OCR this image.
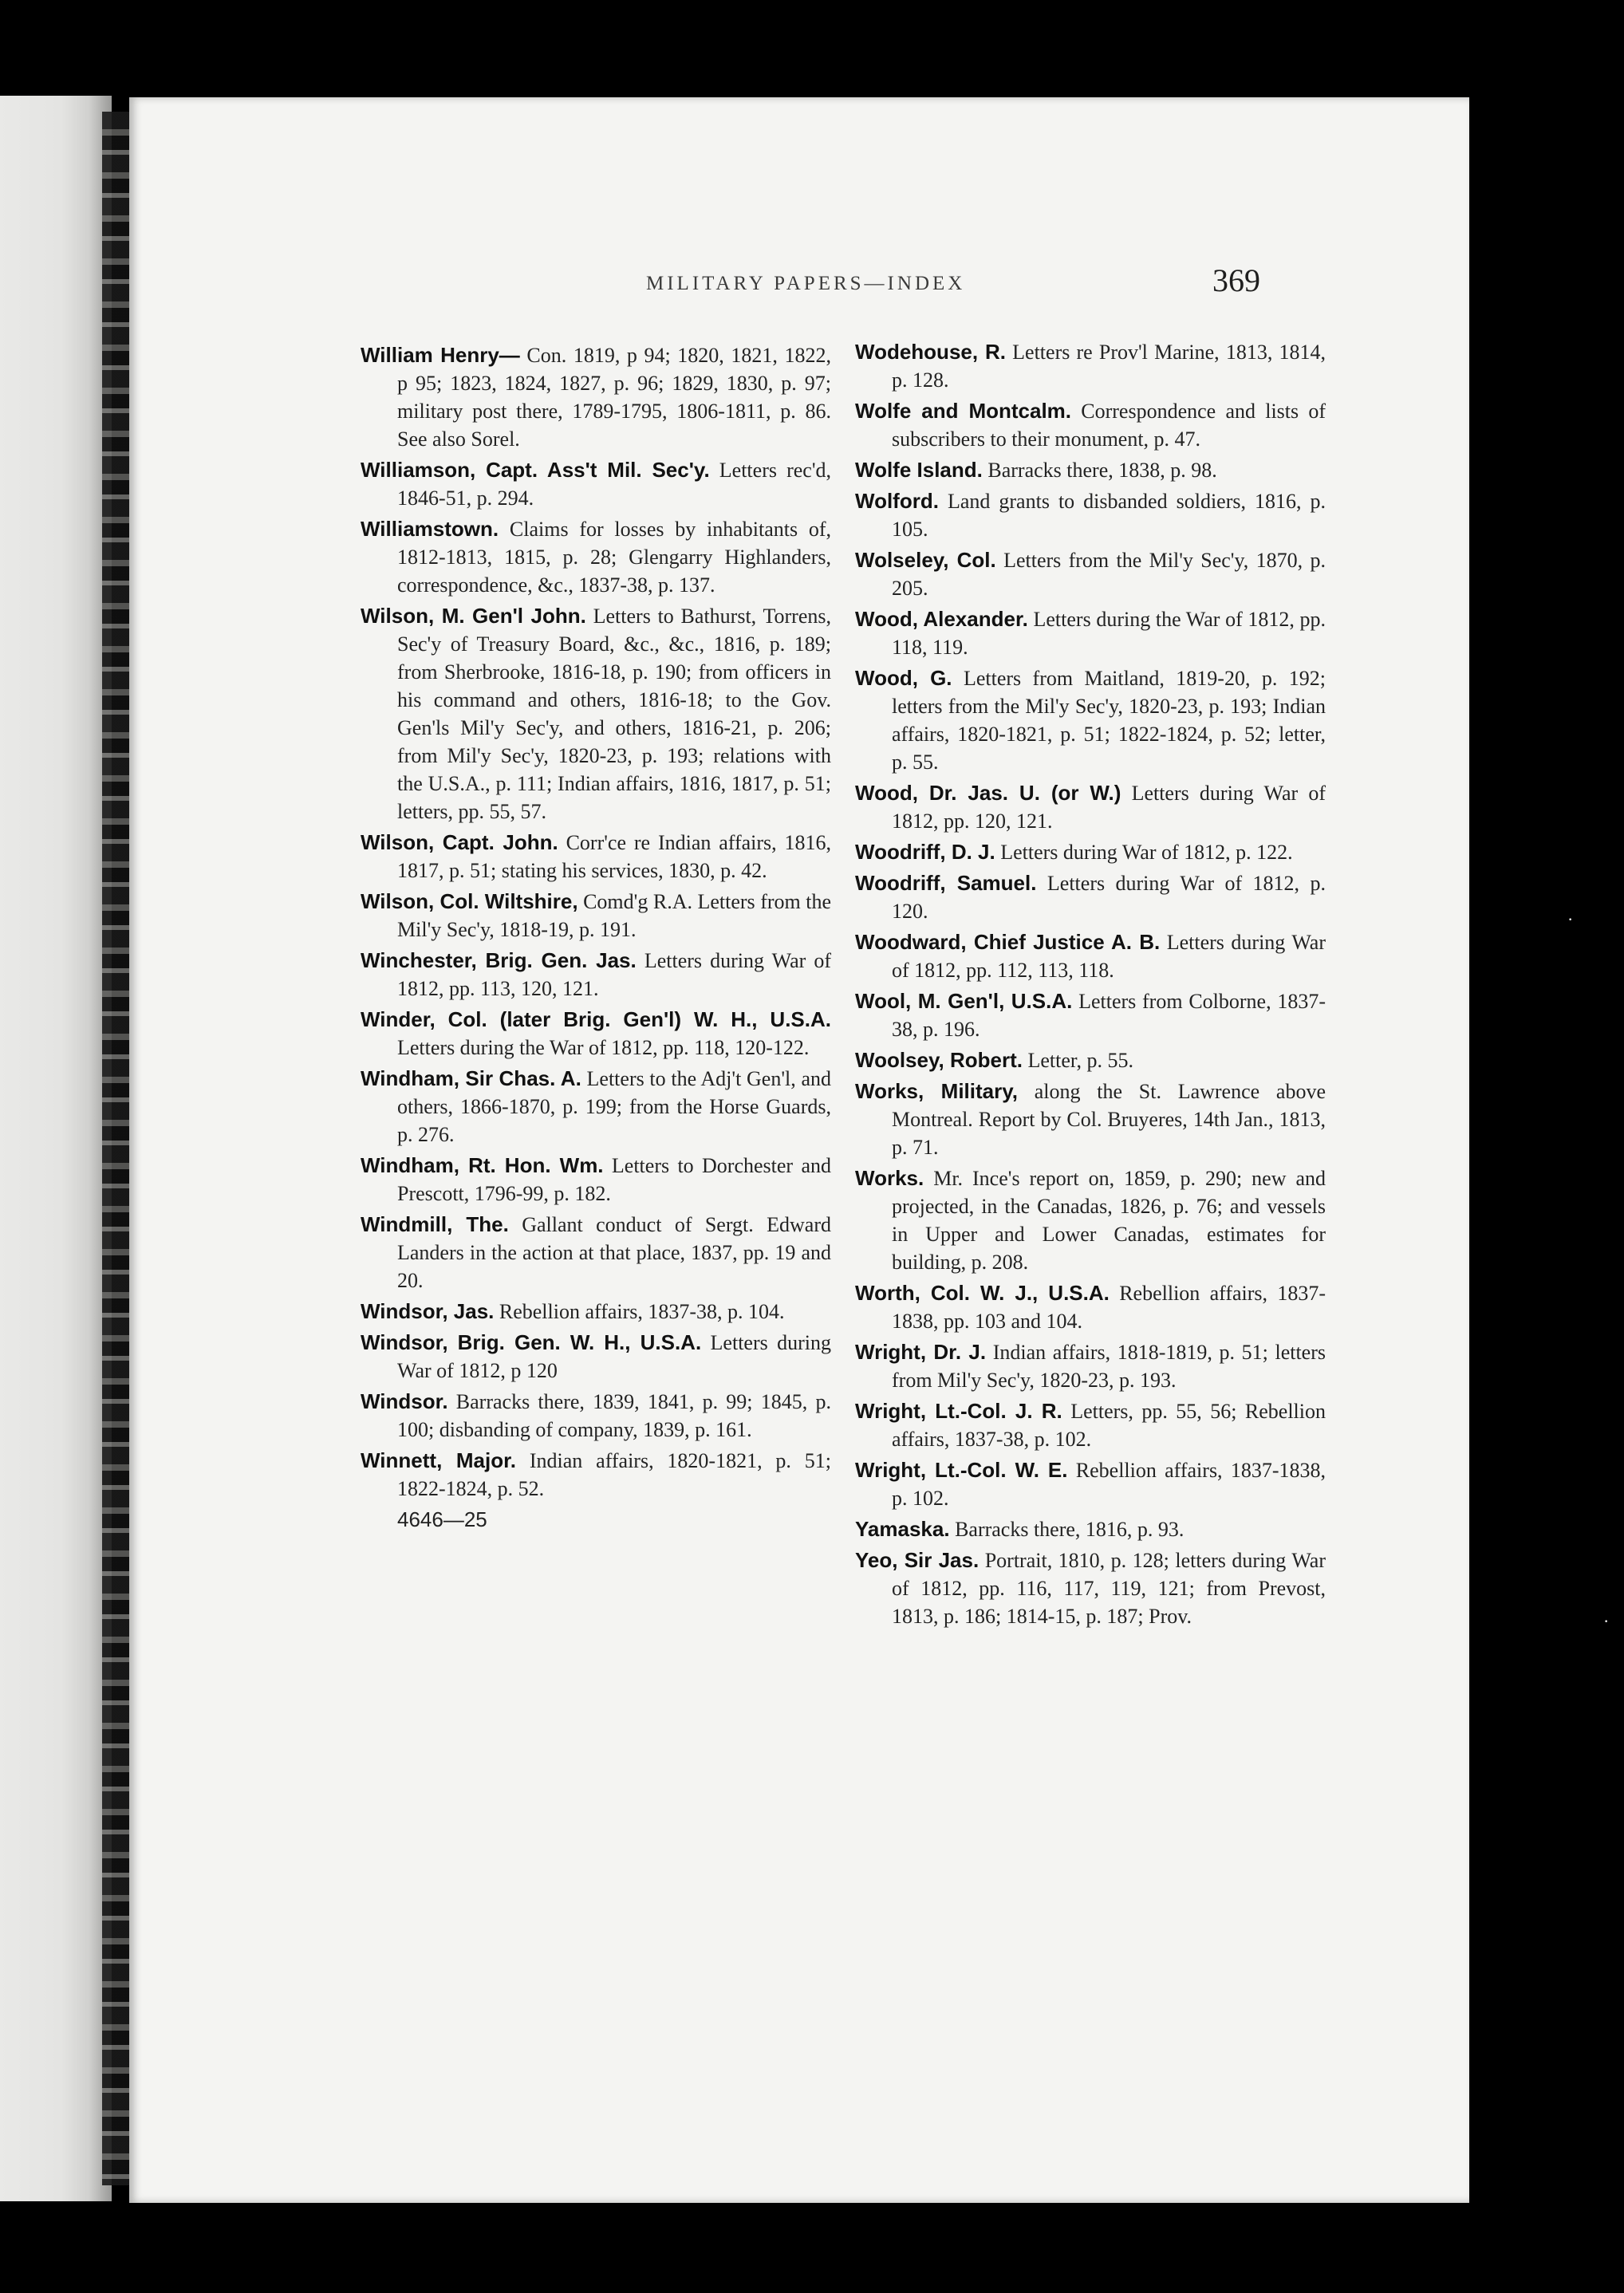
MILITARY PAPERS—INDEX	369

William Henry— Con. 1819, p 94; 1820, 1821, 1822, p 95; 1823, 1824, 1827, p. 96; 1829, 1830, p. 97; military post there, 1789-1795, 1806-1811, p. 86. See also Sorel.

Williamson, Capt. Ass't Mil. Sec'y. Letters rec'd, 1846-51, p. 294.

Williamstown. Claims for losses by inhabitants of, 1812-1813, 1815, p. 28; Glengarry Highlanders, correspondence, &c., 1837-38, p. 137.

Wilson, M. Gen'l John. Letters to Bathurst, Torrens, Sec'y of Treasury Board, &c., &c., 1816, p. 189; from Sherbrooke, 1816-18, p. 190; from officers in his command and others, 1816-18; to the Gov. Gen'ls Mil'y Sec'y, and others, 1816-21, p. 206; from Mil'y Sec'y, 1820-23, p. 193; relations with the U.S.A., p. 111; Indian affairs, 1816, 1817, p. 51; letters, pp. 55, 57.

Wilson, Capt. John. Corr'ce re Indian affairs, 1816, 1817, p. 51; stating his services, 1830, p. 42.

Wilson, Col. Wiltshire, Comd'g R.A. Letters from the Mil'y Sec'y, 1818-19, p. 191.

Winchester, Brig. Gen. Jas. Letters during War of 1812, pp. 113, 120, 121.

Winder, Col. (later Brig. Gen'l) W. H., U.S.A. Letters during the War of 1812, pp. 118, 120-122.

Windham, Sir Chas. A. Letters to the Adj't Gen'l, and others, 1866-1870, p. 199; from the Horse Guards, p. 276.

Windham, Rt. Hon. Wm. Letters to Dorchester and Prescott, 1796-99, p. 182.

Windmill, The. Gallant conduct of Sergt. Edward Landers in the action at that place, 1837, pp. 19 and 20.

Windsor, Jas. Rebellion affairs, 1837-38, p. 104.

Windsor, Brig. Gen. W. H., U.S.A. Letters during War of 1812, p 120

Windsor. Barracks there, 1839, 1841, p. 99; 1845, p. 100; disbanding of company, 1839, p. 161.

Winnett, Major. Indian affairs, 1820-1821, p. 51; 1822-1824, p. 52.

4646—25

Wodehouse, R. Letters re Prov'l Marine, 1813, 1814, p. 128.

Wolfe and Montcalm. Correspondence and lists of subscribers to their monument, p. 47.

Wolfe Island. Barracks there, 1838, p. 98.

Wolford. Land grants to disbanded soldiers, 1816, p. 105.

Wolseley, Col. Letters from the Mil'y Sec'y, 1870, p. 205.

Wood, Alexander. Letters during the War of 1812, pp. 118, 119.

Wood, G. Letters from Maitland, 1819-20, p. 192; letters from the Mil'y Sec'y, 1820-23, p. 193; Indian affairs, 1820-1821, p. 51; 1822-1824, p. 52; letter, p. 55.

Wood, Dr. Jas. U. (or W.) Letters during War of 1812, pp. 120, 121.

Woodriff, D. J. Letters during War of 1812, p. 122.

Woodriff, Samuel. Letters during War of 1812, p. 120.

Woodward, Chief Justice A. B. Letters during War of 1812, pp. 112, 113, 118.

Wool, M. Gen'l, U.S.A. Letters from Colborne, 1837-38, p. 196.

Woolsey, Robert. Letter, p. 55.

Works, Military, along the St. Lawrence above Montreal. Report by Col. Bruyeres, 14th Jan., 1813, p. 71.

Works. Mr. Ince's report on, 1859, p. 290; new and projected, in the Canadas, 1826, p. 76; and vessels in Upper and Lower Canadas, estimates for building, p. 208.

Worth, Col. W. J., U.S.A. Rebellion affairs, 1837-1838, pp. 103 and 104.

Wright, Dr. J. Indian affairs, 1818-1819, p. 51; letters from Mil'y Sec'y, 1820-23, p. 193.

Wright, Lt.-Col. J. R. Letters, pp. 55, 56; Rebellion affairs, 1837-38, p. 102.

Wright, Lt.-Col. W. E. Rebellion affairs, 1837-1838, p. 102.

Yamaska. Barracks there, 1816, p. 93.

Yeo, Sir Jas. Portrait, 1810, p. 128; letters during War of 1812, pp. 116, 117, 119, 121; from Prevost, 1813, p. 186; 1814-15, p. 187; Prov.

·
·
